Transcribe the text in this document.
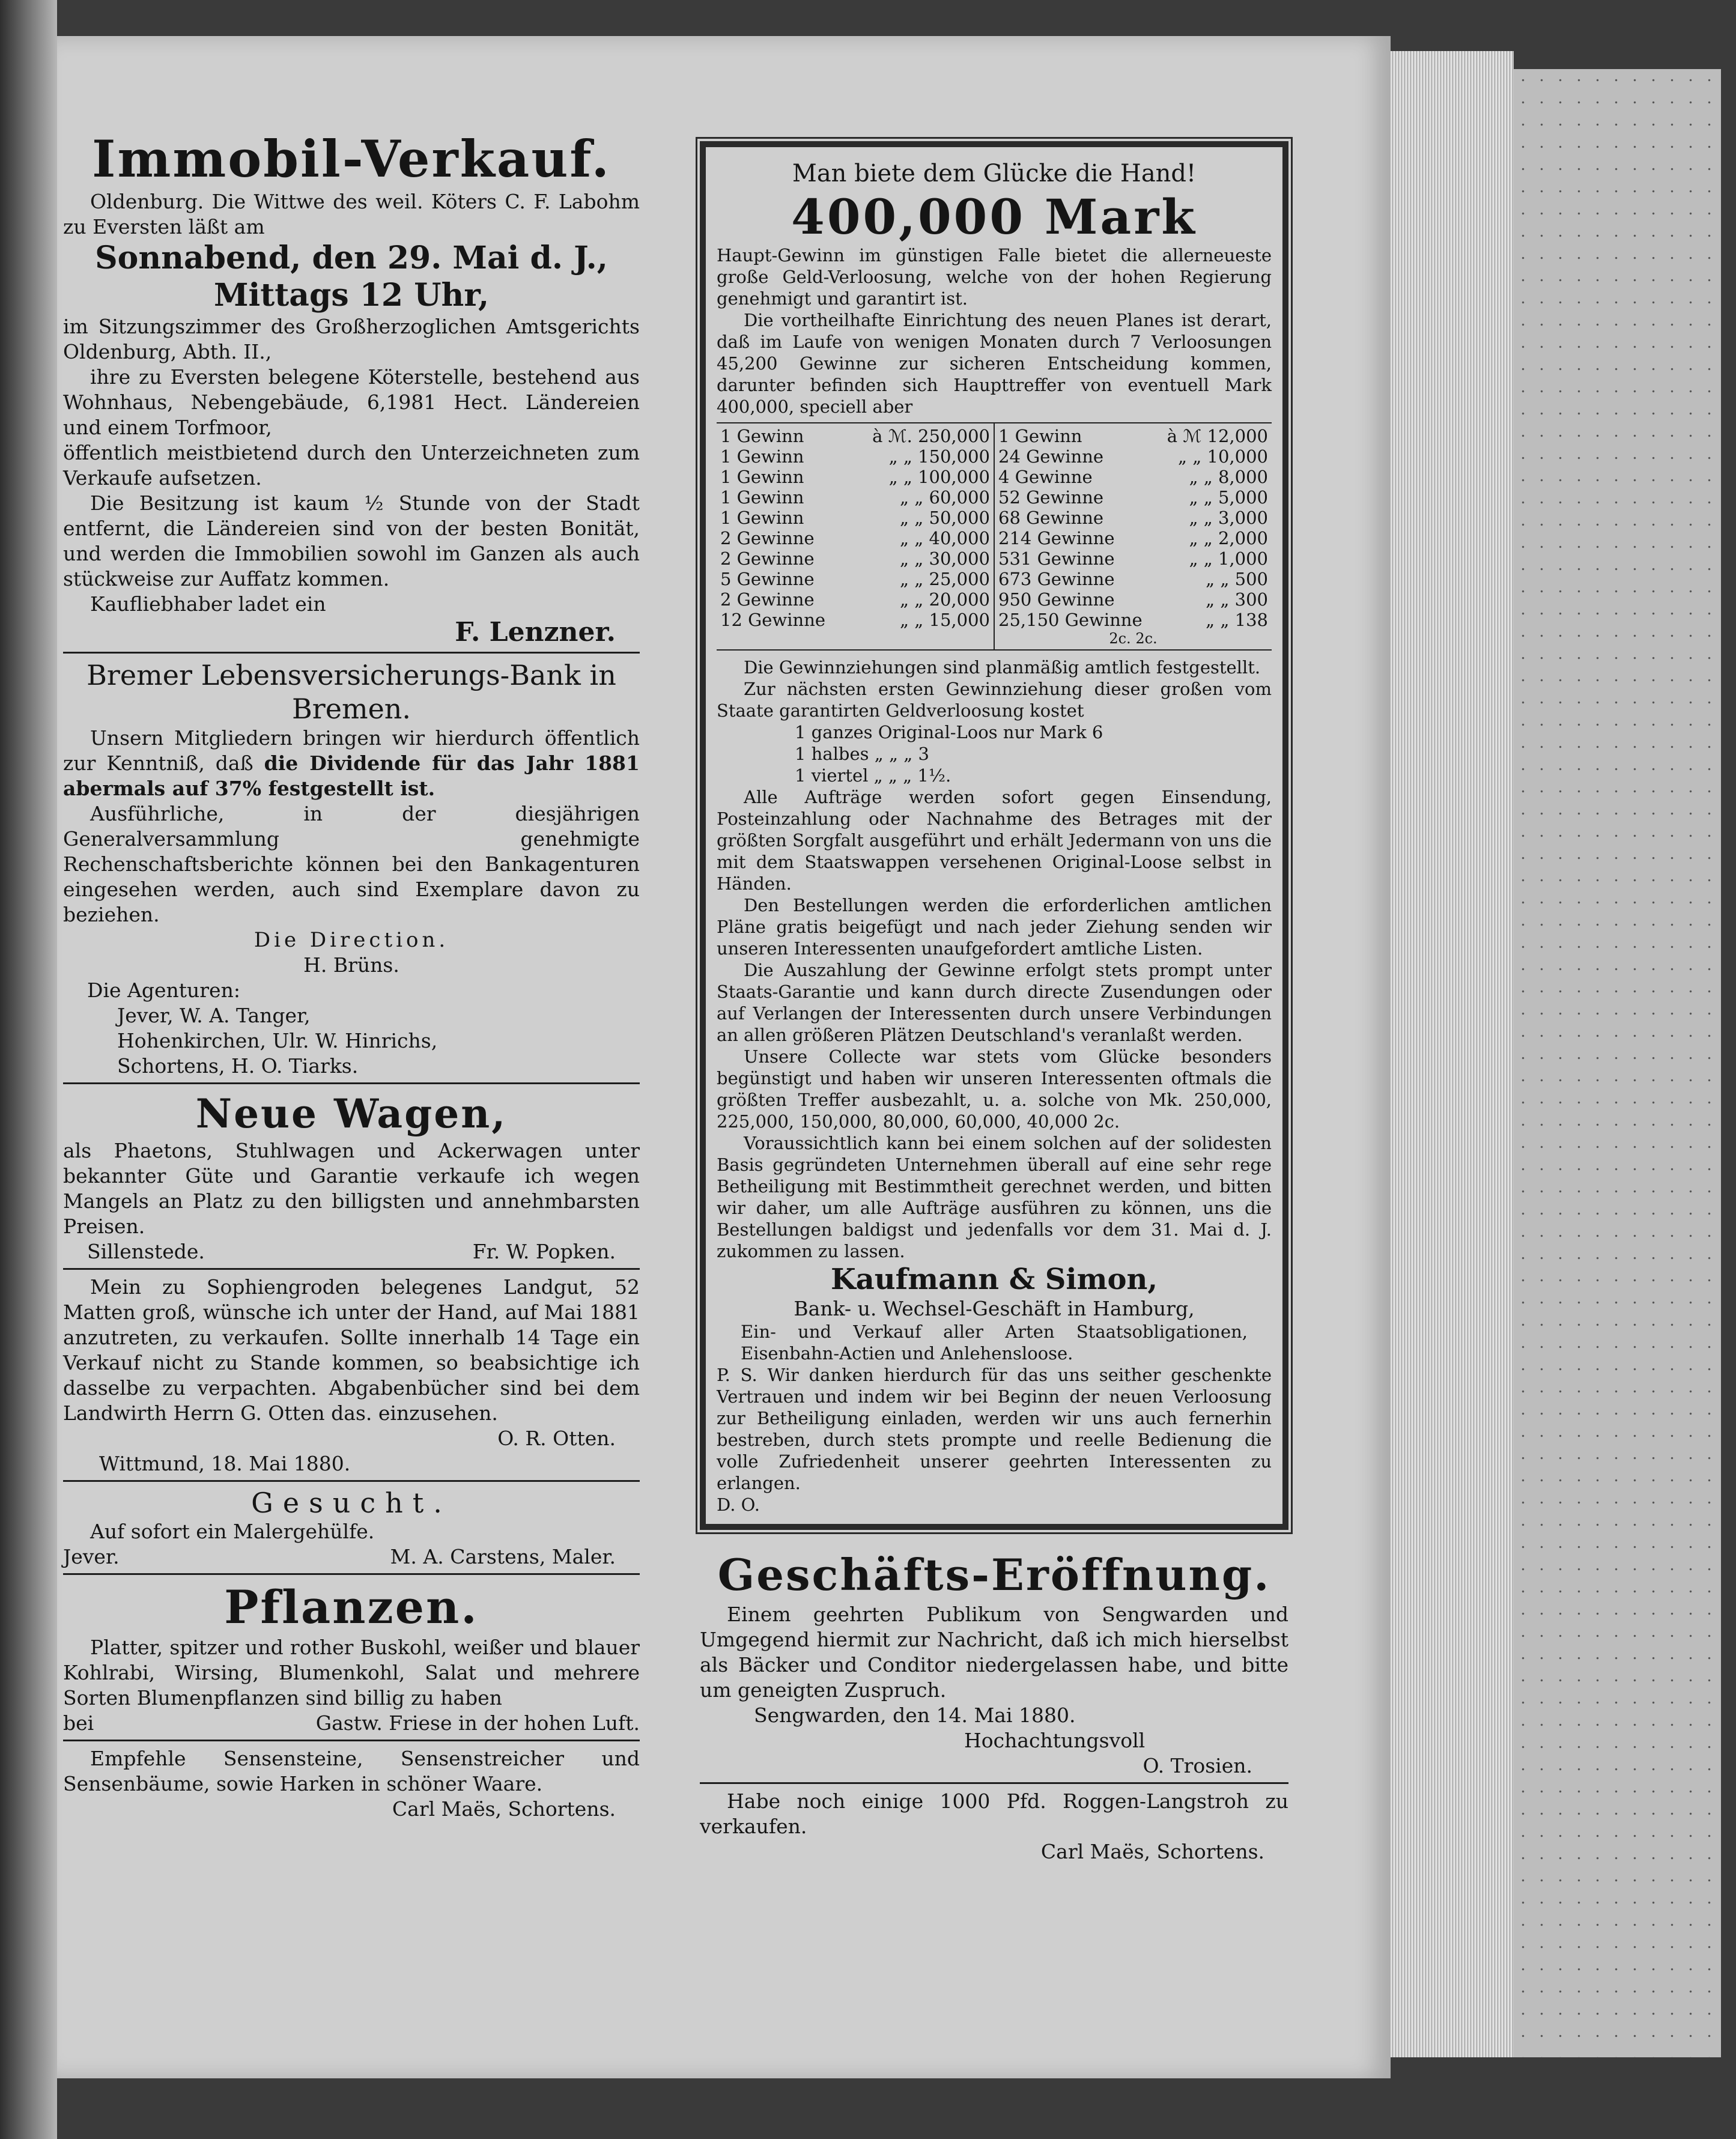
Immobil-Verkauf.
Oldenburg. Die Wittwe des weil. Köters C. F. Labohm zu Eversten läßt am
Sonnabend, den 29. Mai d. J.,
Mittags 12 Uhr,
im Sitzungszimmer des Großherzoglichen Amtsgerichts Oldenburg, Abth. II.,
ihre zu Eversten belegene Köterstelle, bestehend aus Wohnhaus, Nebengebäude, 6,1981 Hect. Ländereien und einem Torfmoor,
öffentlich meistbietend durch den Unterzeichneten zum Verkaufe aufsetzen.
Die Besitzung ist kaum ½ Stunde von der Stadt entfernt, die Ländereien sind von der besten Bonität, und werden die Immobilien sowohl im Ganzen als auch stückweise zur Auffatz kommen.
Kaufliebhaber ladet ein
F. Lenzner.
Bremer Lebensversicherungs-Bank in Bremen.
Unsern Mitgliedern bringen wir hierdurch öffentlich zur Kenntniß, daß die Dividende für das Jahr 1881 abermals auf 37% festgestellt ist.
Ausführliche, in der diesjährigen Generalversammlung genehmigte Rechenschaftsberichte können bei den Bankagenturen eingesehen werden, auch sind Exemplare davon zu beziehen.
Die Direction.
H. Brüns.
Die Agenturen:
Jever, W. A. Tanger,
Hohenkirchen, Ulr. W. Hinrichs,
Schortens, H. O. Tiarks.
Neue Wagen,
als Phaetons, Stuhlwagen und Ackerwagen unter bekannter Güte und Garantie verkaufe ich wegen Mangels an Platz zu den billigsten und annehmbarsten Preisen.
Sillenstede.	Fr. W. Popken.
Mein zu Sophiengroden belegenes Landgut, 52 Matten groß, wünsche ich unter der Hand, auf Mai 1881 anzutreten, zu verkaufen. Sollte innerhalb 14 Tage ein Verkauf nicht zu Stande kommen, so beabsichtige ich dasselbe zu verpachten. Abgabenbücher sind bei dem Landwirth Herrn G. Otten das. einzusehen.
O. R. Otten.
Wittmund, 18. Mai 1880.
Gesucht.
Auf sofort ein Malergehülfe.
Jever.	M. A. Carstens, Maler.
Pflanzen.
Platter, spitzer und rother Buskohl, weißer und blauer Kohlrabi, Wirsing, Blumenkohl, Salat und mehrere Sorten Blumenpflanzen sind billig zu haben
bei	Gastw. Friese in der hohen Luft.
Empfehle Sensensteine, Sensenstreicher und Sensenbäume, sowie Harken in schöner Waare.
Carl Maës, Schortens.
Man biete dem Glücke die Hand!
400,000 Mark
Haupt-Gewinn im günstigen Falle bietet die allerneueste große Geld-Verloosung, welche von der hohen Regierung genehmigt und garantirt ist.
Die vortheilhafte Einrichtung des neuen Planes ist derart, daß im Laufe von wenigen Monaten durch 7 Verloosungen 45,200 Gewinne zur sicheren Entscheidung kommen, darunter befinden sich Haupttreffer von eventuell Mark 400,000, speciell aber
1 Gewinn	à ℳ. 250,000
1 Gewinn	„ „ 150,000
1 Gewinn	„ „ 100,000
1 Gewinn	„ „ 60,000
1 Gewinn	„ „ 50,000
2 Gewinne	„ „ 40,000
2 Gewinne	„ „ 30,000
5 Gewinne	„ „ 25,000
2 Gewinne	„ „ 20,000
12 Gewinne	„ „ 15,000
1 Gewinn	à ℳ 12,000
24 Gewinne	„ „ 10,000
4 Gewinne	„ „ 8,000
52 Gewinne	„ „ 5,000
68 Gewinne	„ „ 3,000
214 Gewinne	„ „ 2,000
531 Gewinne	„ „ 1,000
673 Gewinne	„ „ 500
950 Gewinne	„ „ 300
25,150 Gewinne	„ „ 138
2c. 2c.
Die Gewinnziehungen sind planmäßig amtlich festgestellt.
Zur nächsten ersten Gewinnziehung dieser großen vom Staate garantirten Geldverloosung kostet
1 ganzes Original-Loos nur Mark 6
1 halbes „ „ „ 3
1 viertel „ „ „ 1½.
Alle Aufträge werden sofort gegen Einsendung, Posteinzahlung oder Nachnahme des Betrages mit der größten Sorgfalt ausgeführt und erhält Jedermann von uns die mit dem Staatswappen versehenen Original-Loose selbst in Händen.
Den Bestellungen werden die erforderlichen amtlichen Pläne gratis beigefügt und nach jeder Ziehung senden wir unseren Interessenten unaufgefordert amtliche Listen.
Die Auszahlung der Gewinne erfolgt stets prompt unter Staats-Garantie und kann durch directe Zusendungen oder auf Verlangen der Interessenten durch unsere Verbindungen an allen größeren Plätzen Deutschland's veranlaßt werden.
Unsere Collecte war stets vom Glücke besonders begünstigt und haben wir unseren Interessenten oftmals die größten Treffer ausbezahlt, u. a. solche von Mk. 250,000, 225,000, 150,000, 80,000, 60,000, 40,000 2c.
Voraussichtlich kann bei einem solchen auf der solidesten Basis gegründeten Unternehmen überall auf eine sehr rege Betheiligung mit Bestimmtheit gerechnet werden, und bitten wir daher, um alle Aufträge ausführen zu können, uns die Bestellungen baldigst und jedenfalls vor dem 31. Mai d. J. zukommen zu lassen.
Kaufmann & Simon,
Bank- u. Wechsel-Geschäft in Hamburg,
Ein- und Verkauf aller Arten Staatsobligationen, Eisenbahn-Actien und Anlehensloose.
P. S. Wir danken hierdurch für das uns seither geschenkte Vertrauen und indem wir bei Beginn der neuen Verloosung zur Betheiligung einladen, werden wir uns auch fernerhin bestreben, durch stets prompte und reelle Bedienung die volle Zufriedenheit unserer geehrten Interessenten zu erlangen.
D. O.
Geschäfts-Eröffnung.
Einem geehrten Publikum von Sengwarden und Umgegend hiermit zur Nachricht, daß ich mich hierselbst als Bäcker und Conditor niedergelassen habe, und bitte um geneigten Zuspruch.
Sengwarden, den 14. Mai 1880.
Hochachtungsvoll
O. Trosien.
Habe noch einige 1000 Pfd. Roggen-Langstroh zu verkaufen.
Carl Maës, Schortens.
